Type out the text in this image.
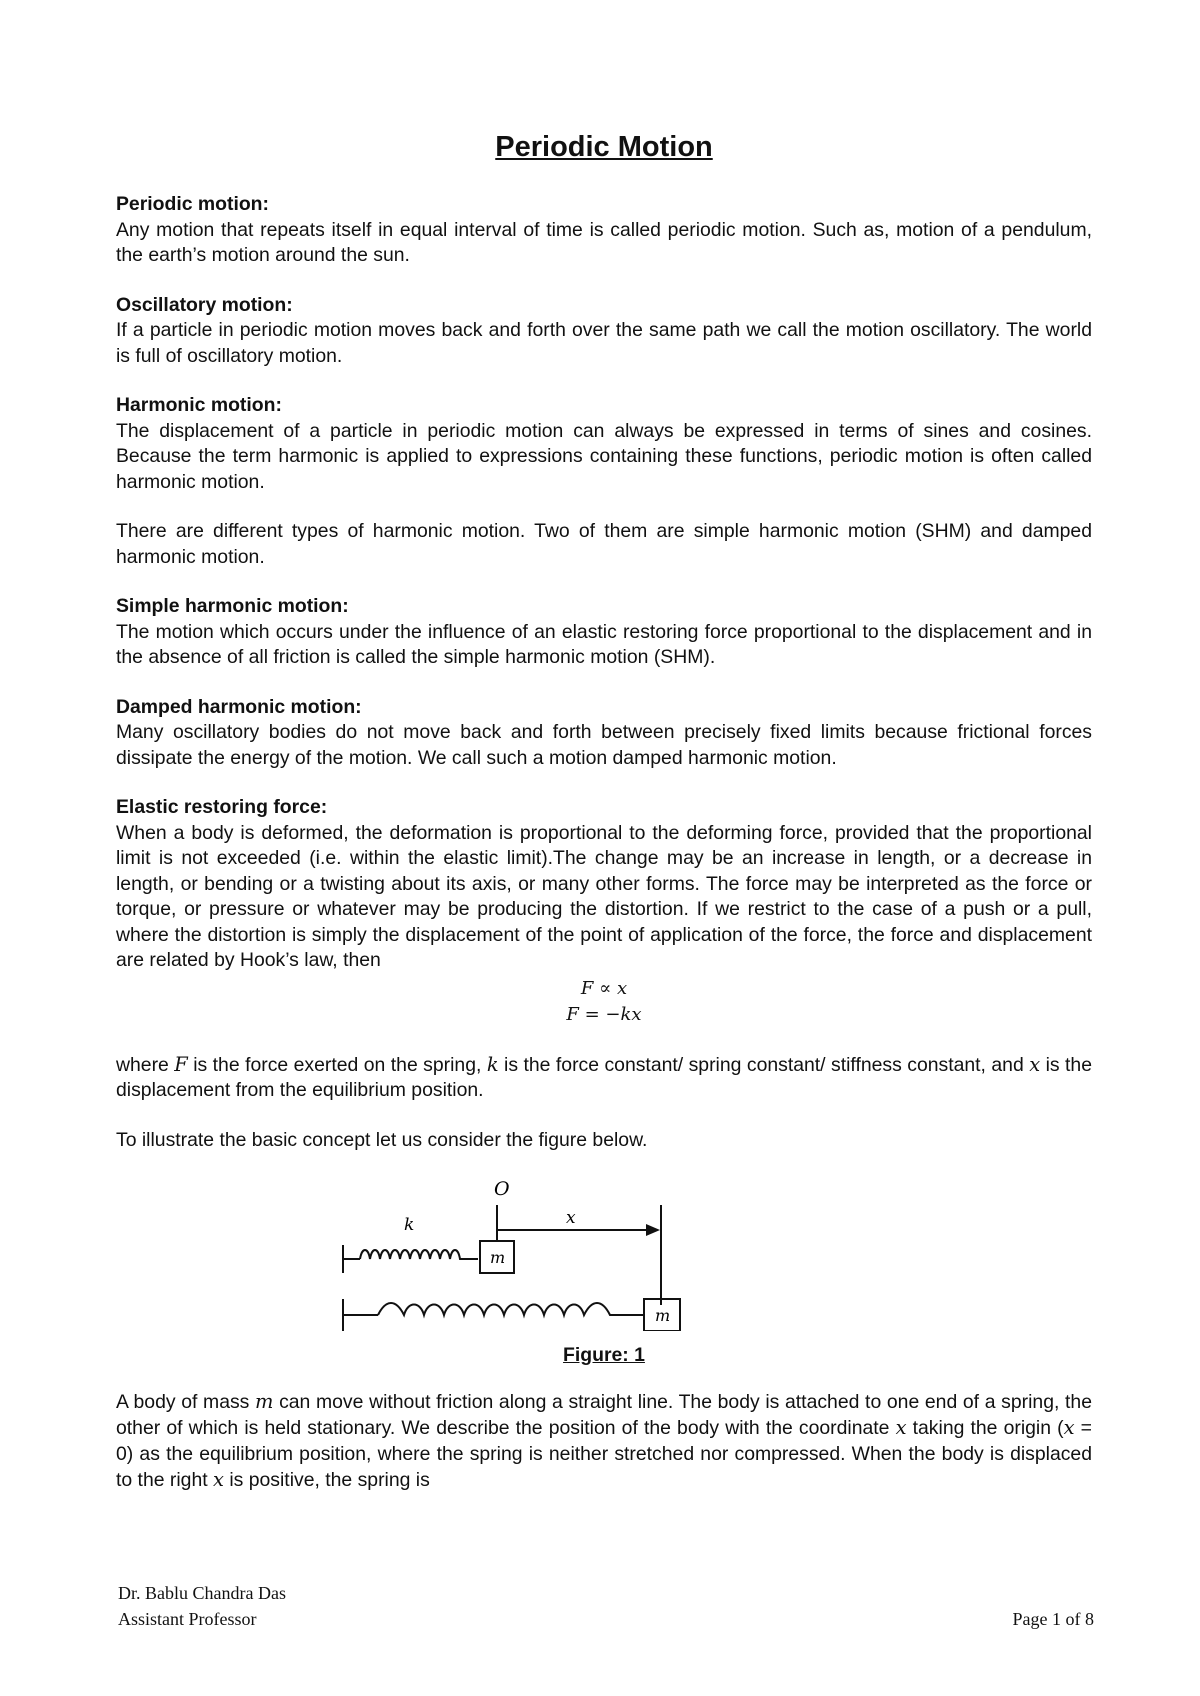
Periodic Motion
Periodic motion:

Any motion that repeats itself in equal interval of time is called periodic motion. Such as, motion of a pendulum, the earth’s motion around the sun.

Oscillatory motion:

If a particle in periodic motion moves back and forth over the same path we call the motion oscillatory. The world is full of oscillatory motion.

Harmonic motion:

The displacement of a particle in periodic motion can always be expressed in terms of sines and cosines. Because the term harmonic is applied to expressions containing these functions, periodic motion is often called harmonic motion.

There are different types of harmonic motion. Two of them are simple harmonic motion (SHM) and damped harmonic motion.

Simple harmonic motion:

The motion which occurs under the influence of an elastic restoring force proportional to the displacement and in the absence of all friction is called the simple harmonic motion (SHM).

Damped harmonic motion:

Many oscillatory bodies do not move back and forth between precisely fixed limits because frictional forces dissipate the energy of the motion. We call such a motion damped harmonic motion.

Elastic restoring force:

When a body is deformed, the deformation is proportional to the deforming force, provided that the proportional limit is not exceeded (i.e. within the elastic limit).The change may be an increase in length, or a decrease in length, or bending or a twisting about its axis, or many other forms. The force may be interpreted as the force or torque, or pressure or whatever may be producing the distortion. If we restrict to the case of a push or a pull, where the distortion is simply the displacement of the point of application of the force, the force and displacement are related by Hook’s law, then

F ∝ x
F = −kx

where F is the force exerted on the spring, k is the force constant/ spring constant/ stiffness constant, and x is the displacement from the equilibrium position.

To illustrate the basic concept let us consider the figure below.

O
k	x
m
m
Figure: 1

A body of mass m can move without friction along a straight line. The body is attached to one end of a spring, the other of which is held stationary. We describe the position of the body with the coordinate x taking the origin (x = 0) as the equilibrium position, where the spring is neither stretched nor compressed. When the body is displaced to the right x is positive, the spring is

Dr. Bablu Chandra Das
Assistant Professor	Page 1 of 8
